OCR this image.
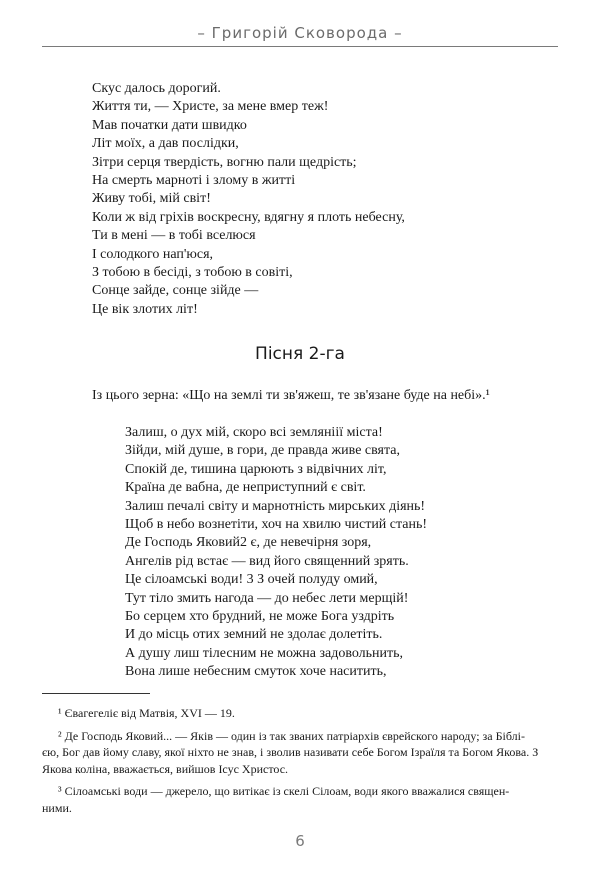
– Григорій Сковорода –
Скус далось дорогий.
Життя ти, — Христе, за мене вмер теж!
Мав початки дати швидко
Літ моїх, а дав послідки,
Зітри серця твердість, вогню пали щедрість;
На смерть марноті і злому в житті
Живу тобі, мій світ!
Коли ж від гріхів воскресну, вдягну я плоть небесну,
Ти в мені — в тобі вселюся
І солодкого нап'юся,
З тобою в бесіді, з тобою в совіті,
Сонце зайде, сонце зійде —
Це вік злотих літ!
Пісня 2-га
Із цього зерна: «Що на землі ти зв'яжеш, те зв'язане буде на небі».¹
Залиш, о дух мій, скоро всі земляніії міста!
Зійди, мій душе, в гори, де правда живе свята,
Спокій де, тишина царюють з відвічних літ,
Країна де вабна, де неприступний є світ.
Залиш печалі світу и марнотність мирських діянь!
Щоб в небо вознетіти, хоч на хвилю чистий стань!
Де Господь Яковий2 є, де невечірня зоря,
Ангелів рід встає — вид його священний зрять.
Це сілоамські води! 3 З очей полуду омий,
Тут тіло змить нагода — до небес лети мерщій!
Бо серцем хто брудний, не може Бога уздріть
И до місць отих земний не здолає долетіть.
А душу лиш тілесним не можна задовольнить,
Вона лише небесним смуток хоче наситить,

¹ Євагегеліє від Матвія, XVI — 19.

² Де Господь Яковий... — Яків — один із так званих патріархів єврейского народу; за Біблі-
єю, Бог дав йому славу, якої ніхто не знав, і зволив називати себе Богом Ізраїля та Богом Якова. З Якова коліна, вважається, вийшов Ісус Христос.

³ Сілоамські води — джерело, що витікає із скелі Сілоам, води якого вважалися священ-
ними.

6
